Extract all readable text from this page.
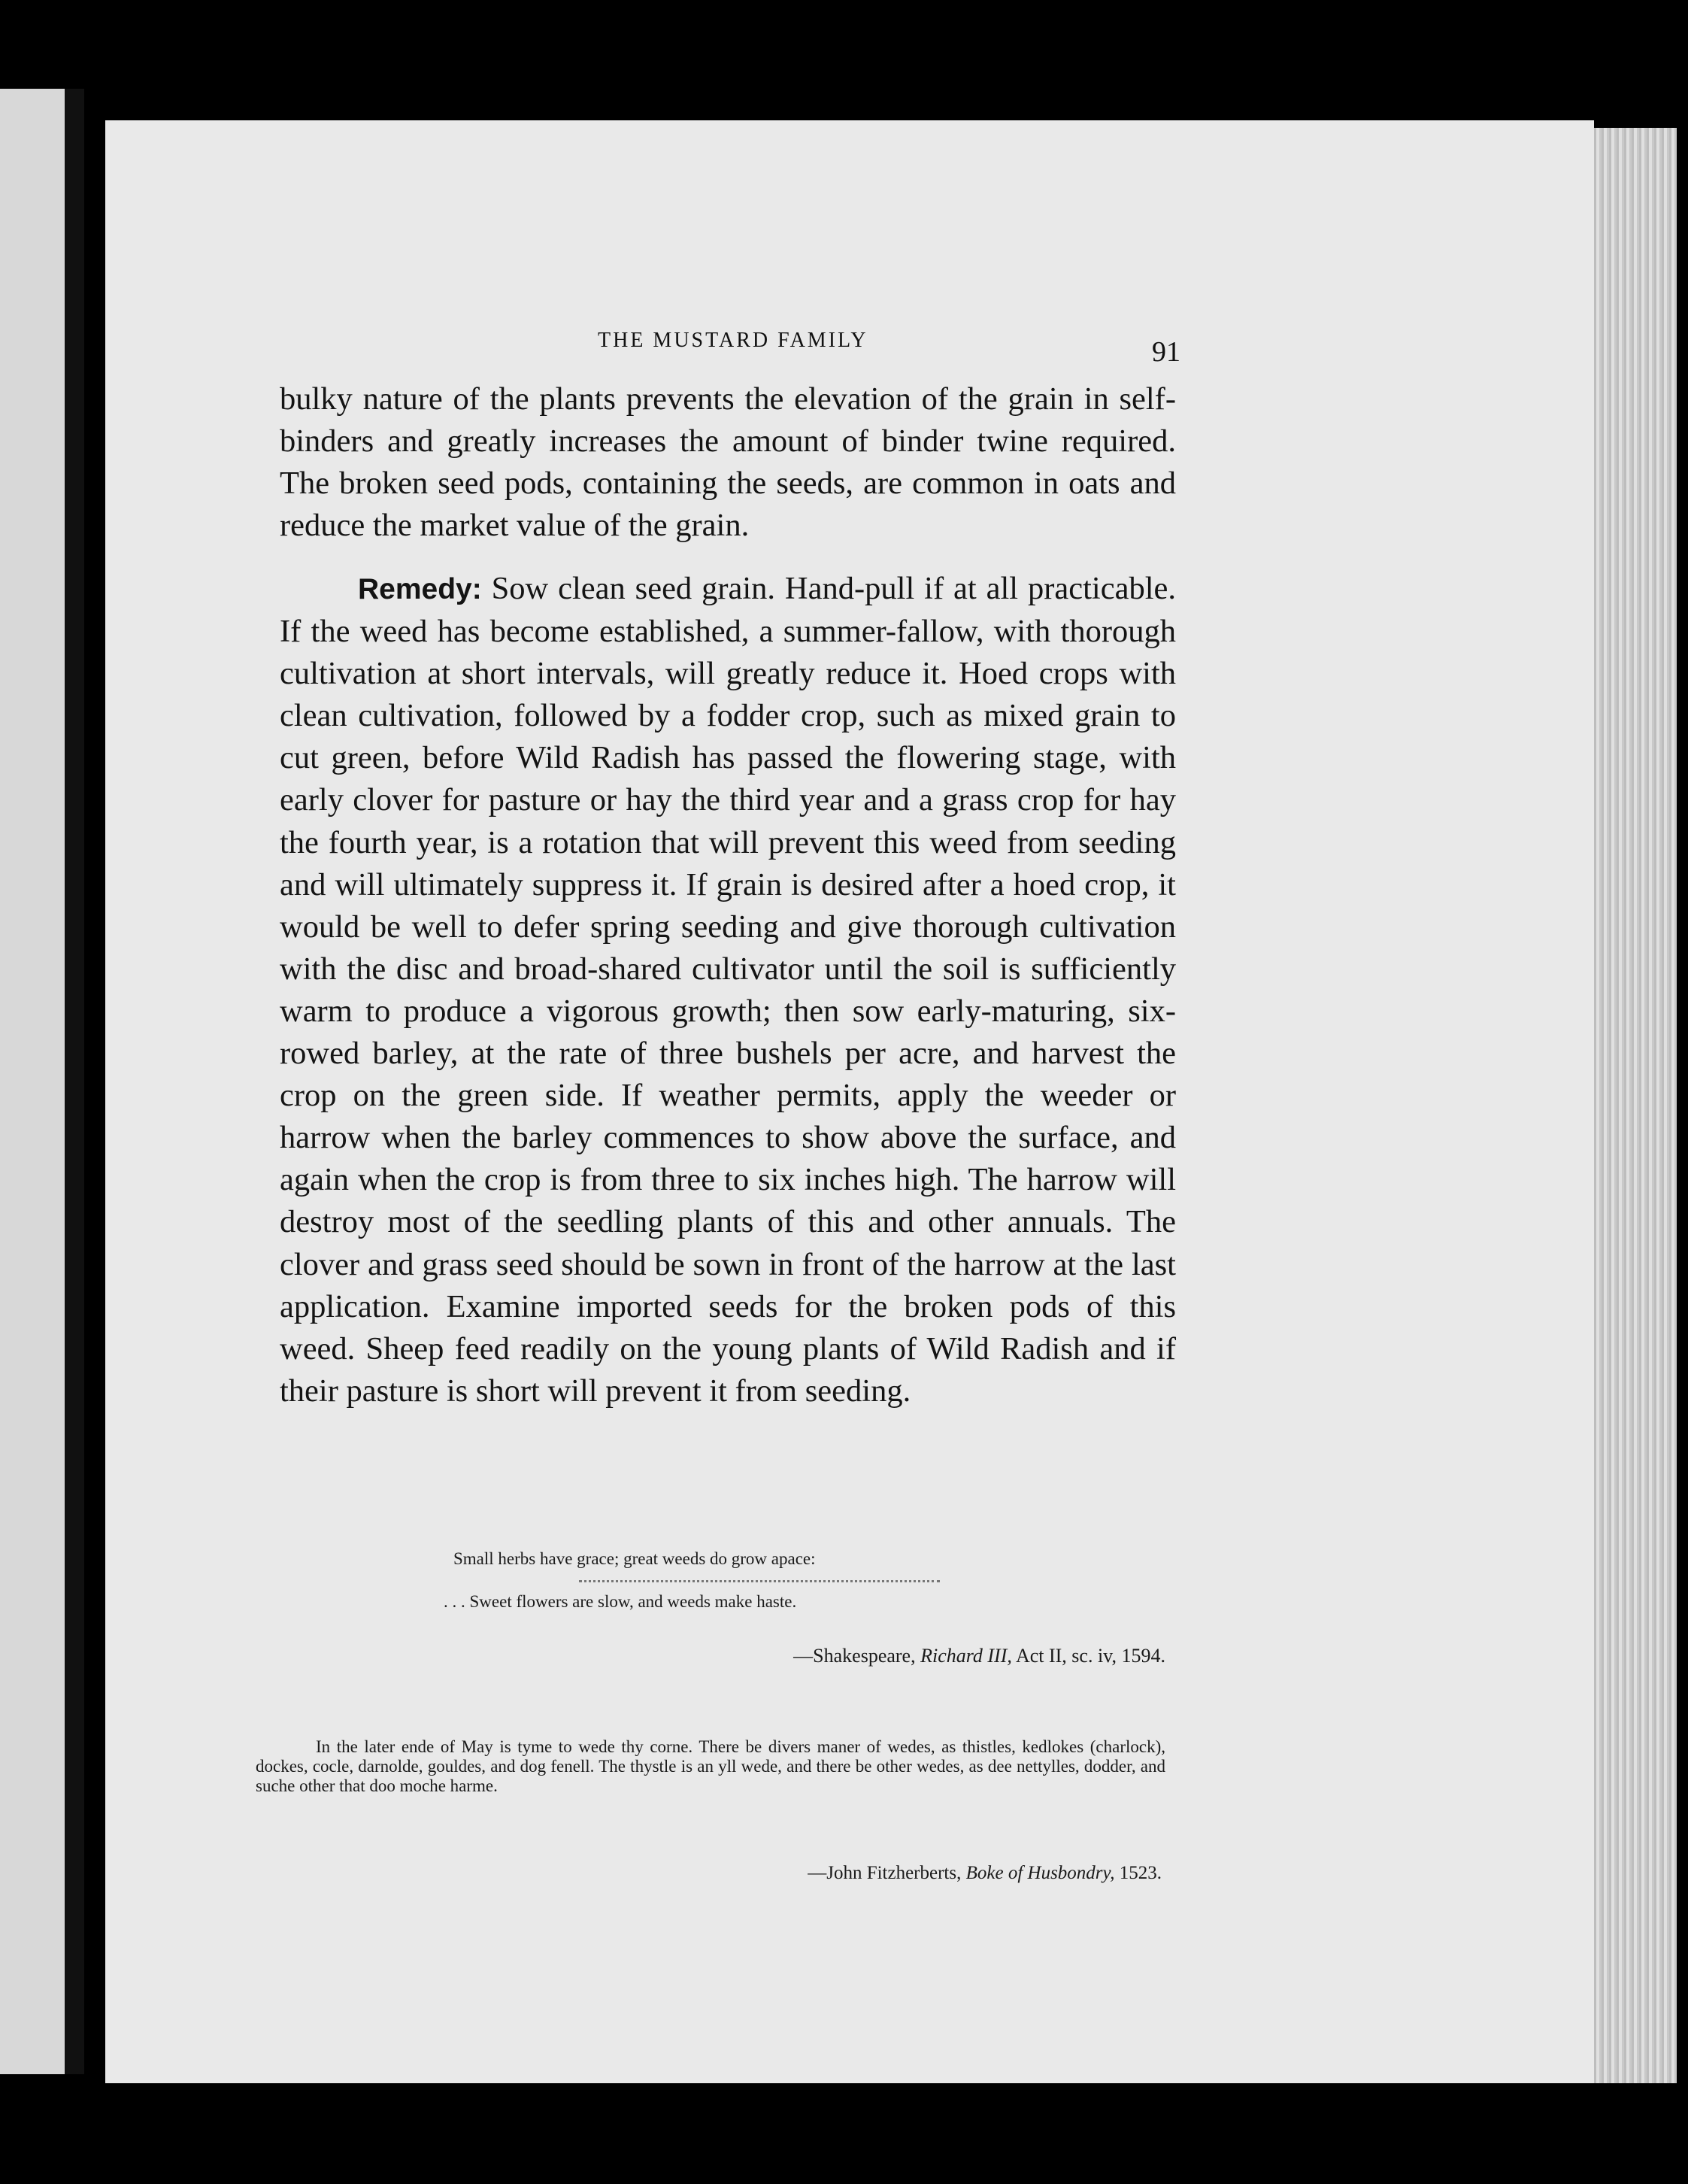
THE MUSTARD FAMILY	91

bulky nature of the plants prevents the elevation of the grain in self-binders and greatly increases the amount of binder twine required. The broken seed pods, containing the seeds, are common in oats and reduce the market value of the grain.

Remedy: Sow clean seed grain. Hand-pull if at all practicable. If the weed has become established, a summer-fallow, with thorough cultivation at short intervals, will greatly reduce it. Hoed crops with clean cultivation, followed by a fodder crop, such as mixed grain to cut green, before Wild Radish has passed the flowering stage, with early clover for pasture or hay the third year and a grass crop for hay the fourth year, is a rotation that will prevent this weed from seeding and will ultimately suppress it. If grain is desired after a hoed crop, it would be well to defer spring seeding and give thorough cultivation with the disc and broad-shared cultivator until the soil is sufficiently warm to produce a vigorous growth; then sow early-maturing, six-rowed barley, at the rate of three bushels per acre, and harvest the crop on the green side. If weather permits, apply the weeder or harrow when the barley commences to show above the surface, and again when the crop is from three to six inches high. The harrow will destroy most of the seedling plants of this and other annuals. The clover and grass seed should be sown in front of the harrow at the last application. Examine imported seeds for the broken pods of this weed. Sheep feed readily on the young plants of Wild Radish and if their pasture is short will prevent it from seeding.

Small herbs have grace; great weeds do grow apace:
. . . Sweet flowers are slow, and weeds make haste.
—Shakespeare, Richard III, Act II, sc. iv, 1594.
In the later ende of May is tyme to wede thy corne. There be divers maner of wedes, as thistles, kedlokes (charlock), dockes, cocle, darnolde, gouldes, and dog fenell. The thystle is an yll wede, and there be other wedes, as dee nettylles, dodder, and suche other that doo moche harme.
—John Fitzherberts, Boke of Husbondry, 1523.
